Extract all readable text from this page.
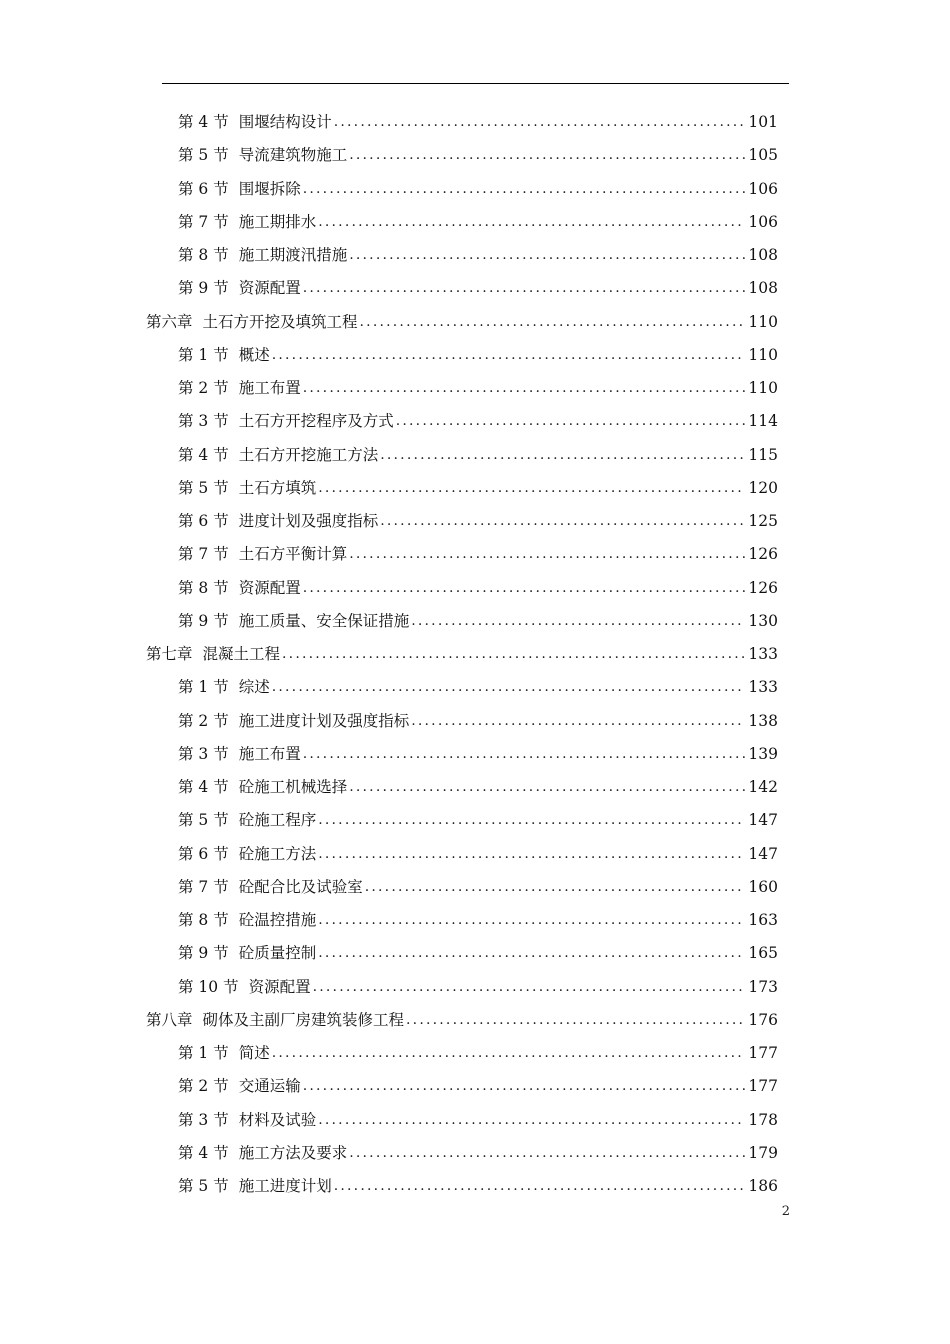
第 4 节 围堰结构设计 .....	101
第 5 节 导流建筑物施工 .....	105
第 6 节 围堰拆除 .....	106
第 7 节 施工期排水 .....	106
第 8 节 施工期渡汛措施 .....	108
第 9 节 资源配置 .....	108
第六章 土石方开挖及填筑工程 .....	110
第 1 节 概述 .....	110
第 2 节 施工布置 .....	110
第 3 节 土石方开挖程序及方式 .....	114
第 4 节 土石方开挖施工方法 .....	115
第 5 节 土石方填筑 .....	120
第 6 节 进度计划及强度指标 .....	125
第 7 节 土石方平衡计算 .....	126
第 8 节 资源配置 .....	126
第 9 节 施工质量、安全保证措施 .....	130
第七章 混凝土工程 .....	133
第 1 节 综述 .....	133
第 2 节 施工进度计划及强度指标 .....	138
第 3 节 施工布置 .....	139
第 4 节 砼施工机械选择 .....	142
第 5 节 砼施工程序 .....	147
第 6 节 砼施工方法 .....	147
第 7 节 砼配合比及试验室 .....	160
第 8 节 砼温控措施 .....	163
第 9 节 砼质量控制 .....	165
第 10 节 资源配置 .....	173
第八章 砌体及主副厂房建筑装修工程 .....	176
第 1 节 简述 .....	177
第 2 节 交通运输 .....	177
第 3 节 材料及试验 .....	178
第 4 节 施工方法及要求 .....	179
第 5 节 施工进度计划 .....	186
2
